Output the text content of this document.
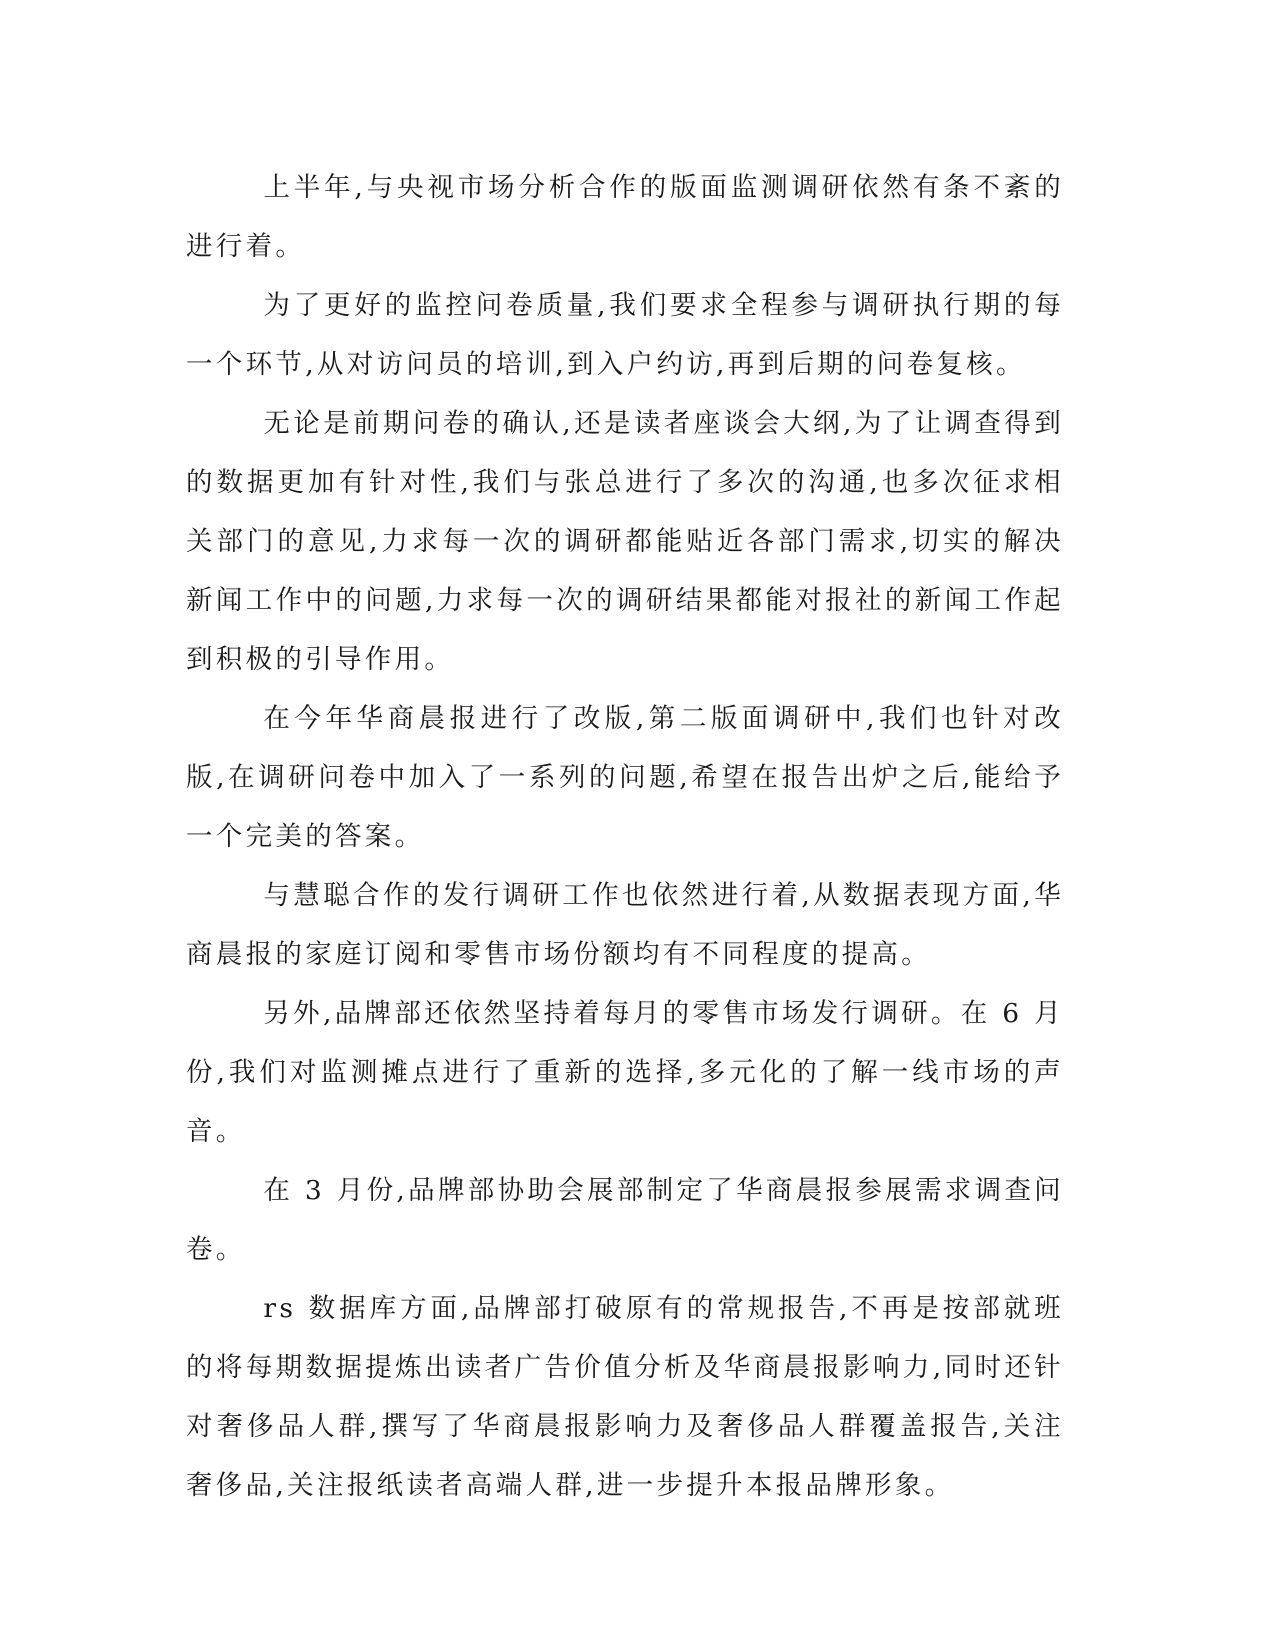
上半年,与央视市场分析合作的版面监测调研依然有条不紊的进行着。

为了更好的监控问卷质量,我们要求全程参与调研执行期的每一个环节,从对访问员的培训,到入户约访,再到后期的问卷复核。

无论是前期问卷的确认,还是读者座谈会大纲,为了让调查得到的数据更加有针对性,我们与张总进行了多次的沟通,也多次征求相关部门的意见,力求每一次的调研都能贴近各部门需求,切实的解决新闻工作中的问题,力求每一次的调研结果都能对报社的新闻工作起到积极的引导作用。

在今年华商晨报进行了改版,第二版面调研中,我们也针对改版,在调研问卷中加入了一系列的问题,希望在报告出炉之后,能给予一个完美的答案。

与慧聪合作的发行调研工作也依然进行着,从数据表现方面,华商晨报的家庭订阅和零售市场份额均有不同程度的提高。

另外,品牌部还依然坚持着每月的零售市场发行调研。在 6 月份,我们对监测摊点进行了重新的选择,多元化的了解一线市场的声音。

在 3 月份,品牌部协助会展部制定了华商晨报参展需求调查问卷。

rs 数据库方面,品牌部打破原有的常规报告,不再是按部就班的将每期数据提炼出读者广告价值分析及华商晨报影响力,同时还针对奢侈品人群,撰写了华商晨报影响力及奢侈品人群覆盖报告,关注奢侈品,关注报纸读者高端人群,进一步提升本报品牌形象。
